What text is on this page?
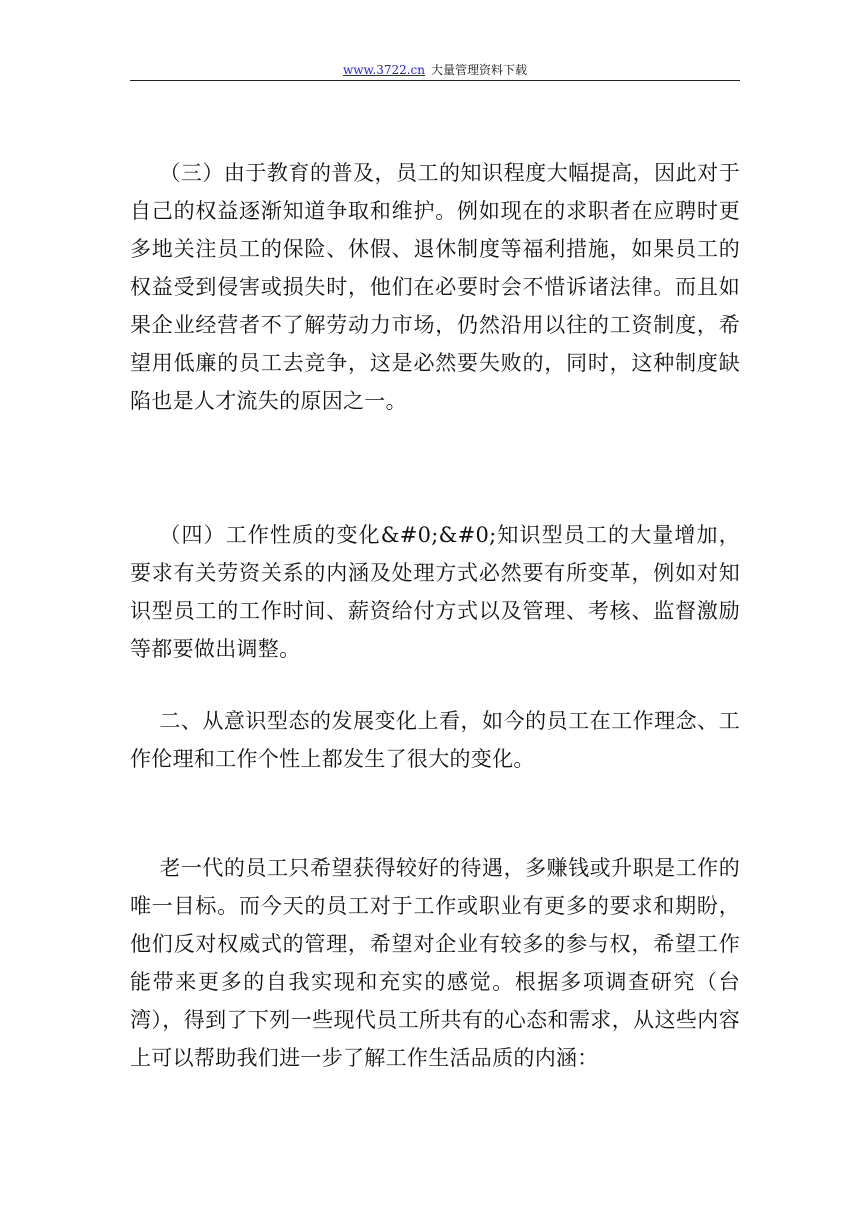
www.3722.cn 大量管理资料下载

（三）由于教育的普及，员工的知识程度大幅提高，因此对于自己的权益逐渐知道争取和维护。例如现在的求职者在应聘时更多地关注员工的保险、休假、退休制度等福利措施，如果员工的权益受到侵害或损失时，他们在必要时会不惜诉诸法律。而且如果企业经营者不了解劳动力市场，仍然沿用以往的工资制度，希望用低廉的员工去竞争，这是必然要失败的，同时，这种制度缺陷也是人才流失的原因之一。

（四）工作性质的变化&#0;&#0;知识型员工的大量增加，要求有关劳资关系的内涵及处理方式必然要有所变革，例如对知识型员工的工作时间、薪资给付方式以及管理、考核、监督激励等都要做出调整。

二、从意识型态的发展变化上看，如今的员工在工作理念、工作伦理和工作个性上都发生了很大的变化。

老一代的员工只希望获得较好的待遇，多赚钱或升职是工作的唯一目标。而今天的员工对于工作或职业有更多的要求和期盼，他们反对权威式的管理，希望对企业有较多的参与权，希望工作能带来更多的自我实现和充实的感觉。根据多项调查研究（台湾），得到了下列一些现代员工所共有的心态和需求，从这些内容上可以帮助我们进一步了解工作生活品质的内涵：
